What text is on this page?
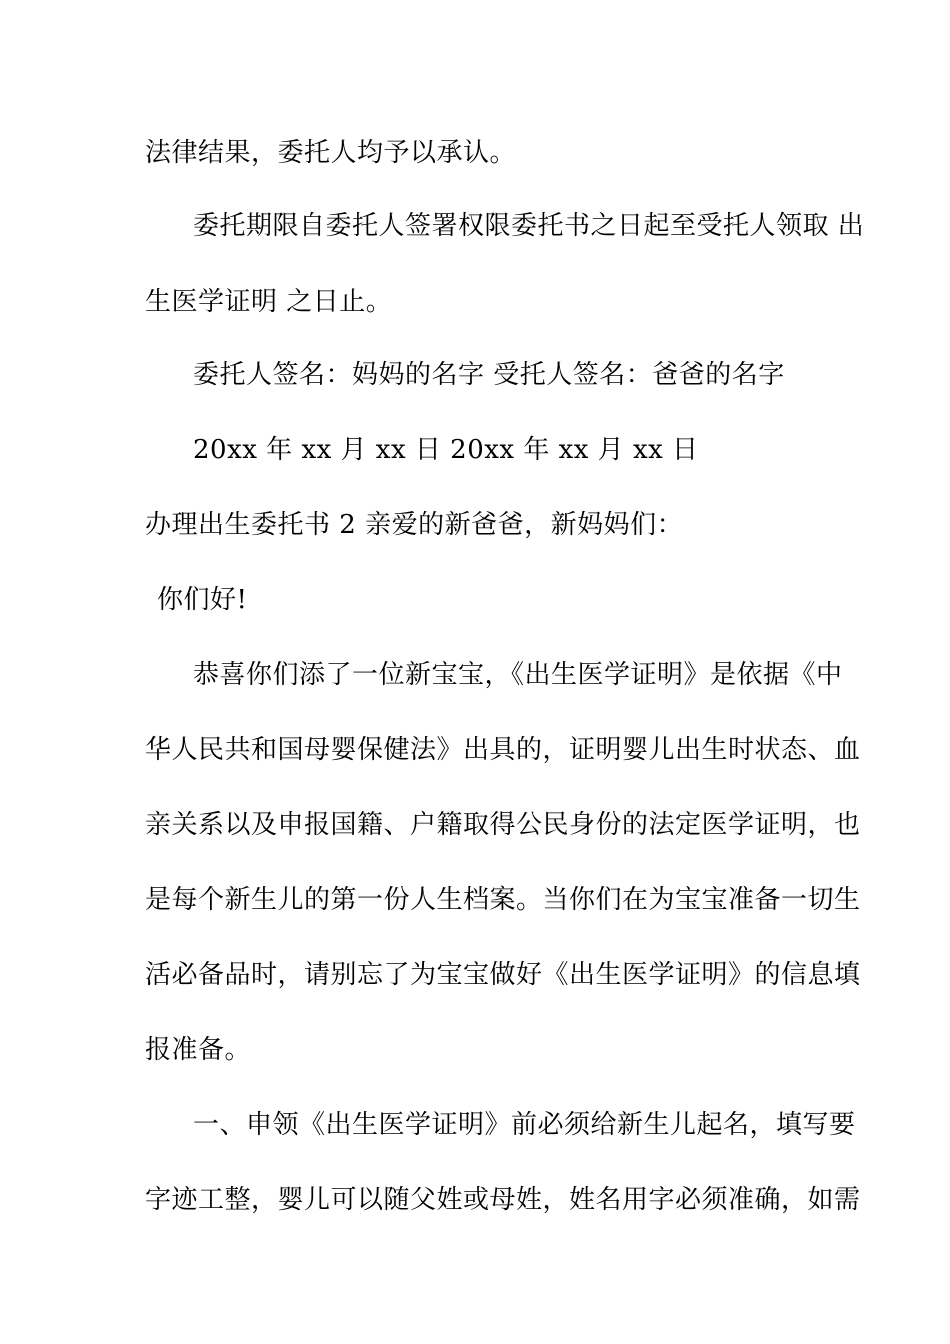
法律结果，委托人均予以承认。
委托期限自委托人签署权限委托书之日起至受托人领取 出
生医学证明 之日止。
委托人签名：妈妈的名字 受托人签名：爸爸的名字
20xx 年 xx 月 xx 日 20xx 年 xx 月 xx 日
办理出生委托书 2 亲爱的新爸爸，新妈妈们：
你们好!
恭喜你们添了一位新宝宝，《出生医学证明》是依据《中
华人民共和国母婴保健法》出具的，证明婴儿出生时状态、血
亲关系以及申报国籍、户籍取得公民身份的法定医学证明，也
是每个新生儿的第一份人生档案。当你们在为宝宝准备一切生
活必备品时，请别忘了为宝宝做好《出生医学证明》的信息填
报准备。
一、申领《出生医学证明》前必须给新生儿起名，填写要
字迹工整，婴儿可以随父姓或母姓，姓名用字必须准确，如需
